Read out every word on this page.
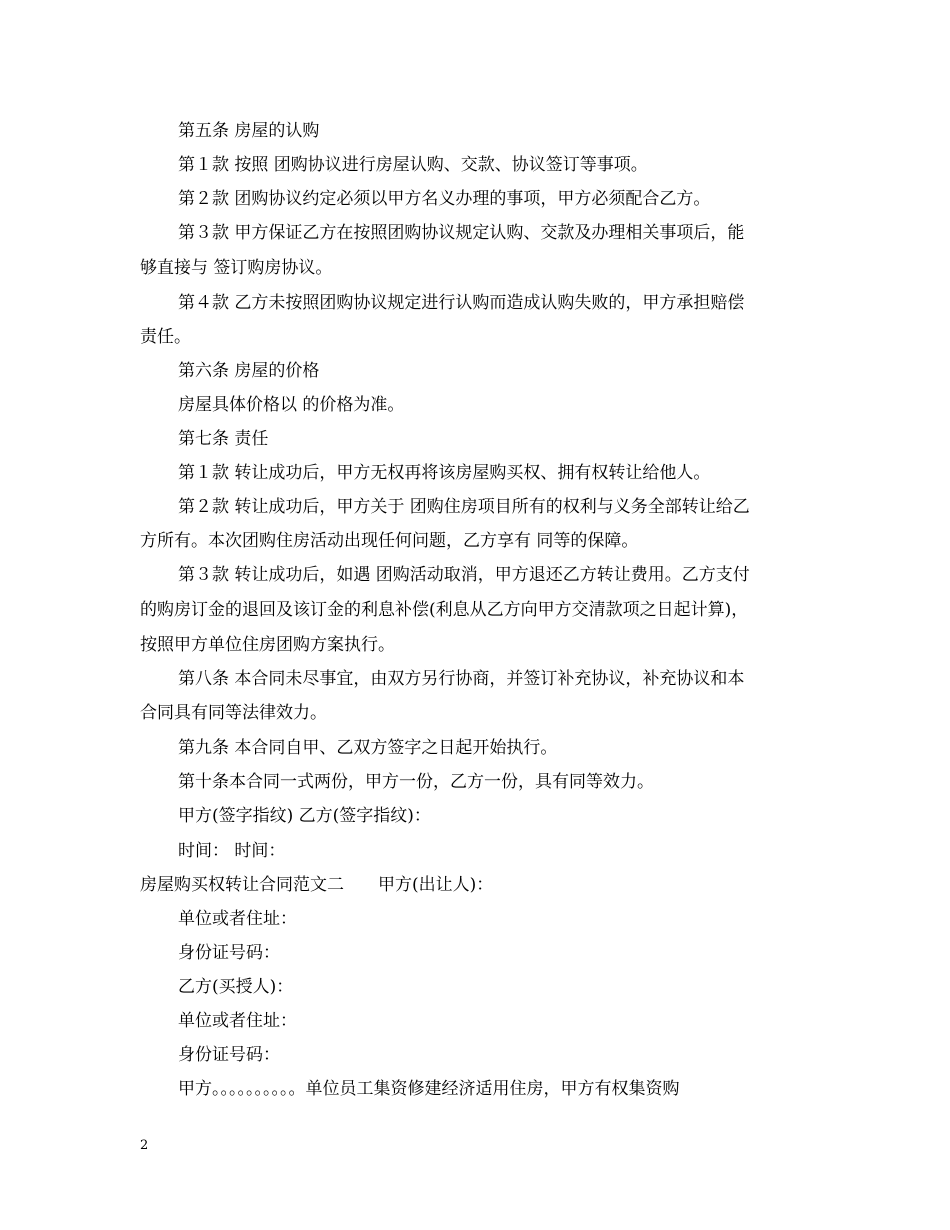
第五条 房屋的认购
第１款 按照 团购协议进行房屋认购、交款、协议签订等事项。
第２款 团购协议约定必须以甲方名义办理的事项，甲方必须配合乙方。
第３款 甲方保证乙方在按照团购协议规定认购、交款及办理相关事项后，能
够直接与 签订购房协议。
第４款 乙方未按照团购协议规定进行认购而造成认购失败的，甲方承担赔偿
责任。
第六条 房屋的价格
房屋具体价格以 的价格为准。
第七条 责任
第１款 转让成功后，甲方无权再将该房屋购买权、拥有权转让给他人。
第２款 转让成功后，甲方关于 团购住房项目所有的权利与义务全部转让给乙
方所有。本次团购住房活动出现任何问题，乙方享有 同等的保障。
第３款 转让成功后，如遇 团购活动取消，甲方退还乙方转让费用。乙方支付
的购房订金的退回及该订金的利息补偿(利息从乙方向甲方交清款项之日起计算)，
按照甲方单位住房团购方案执行。
第八条 本合同未尽事宜，由双方另行协商，并签订补充协议，补充协议和本
合同具有同等法律效力。
第九条 本合同自甲、乙双方签字之日起开始执行。
第十条本合同一式两份，甲方一份，乙方一份，具有同等效力。
甲方(签字指纹) 乙方(签字指纹)：
时间： 时间：
房屋购买权转让合同范文二　　甲方(出让人)：
单位或者住址：
身份证号码：
乙方(买授人)：
单位或者住址：
身份证号码：
甲方。。。。。。。。。。单位员工集资修建经济适用住房，甲方有权集资购
2
